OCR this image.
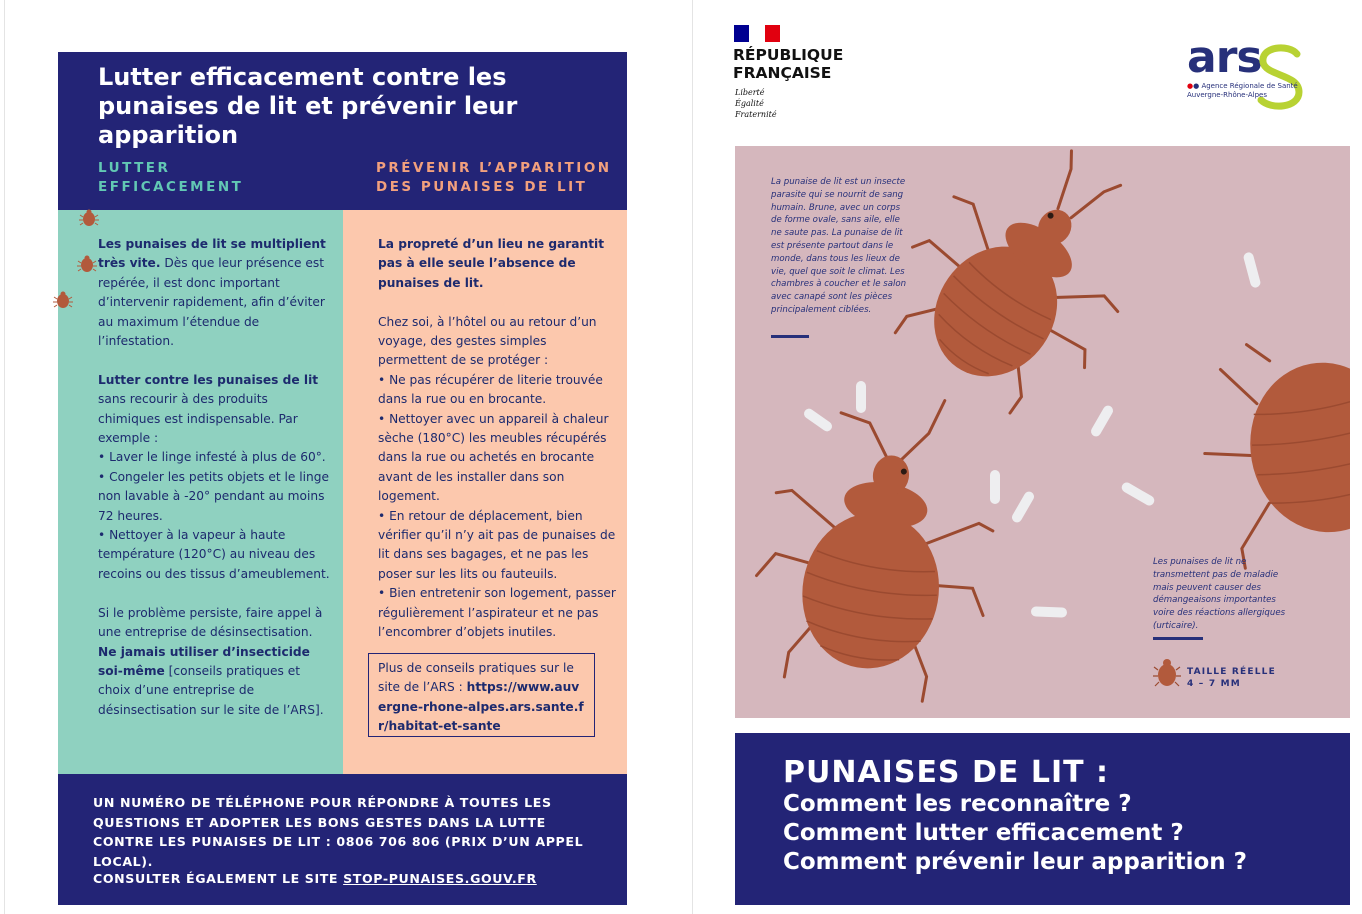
Lutter efficacement contre les punaises de lit et prévenir leur apparition
LUTTER EFFICACEMENT
PRÉVENIR L’APPARITION DES PUNAISES DE LIT

Les punaises de lit se multiplient très vite. Dès que leur présence est repérée, il est donc important d’intervenir rapidement, afin d’éviter au maximum l’étendue de l’infestation.

Lutter contre les punaises de lit sans recourir à des produits chimiques est indispensable. Par exemple :
• Laver le linge infesté à plus de 60°.
• Congeler les petits objets et le linge non lavable à -20° pendant au moins 72 heures.
• Nettoyer à la vapeur à haute température (120°C) au niveau des recoins ou des tissus d’ameublement.

Si le problème persiste, faire appel à une entreprise de désinsectisation. Ne jamais utiliser d’insecticide soi-même [conseils pratiques et choix d’une entreprise de désinsectisation sur le site de l’ARS].

La propreté d’un lieu ne garantit pas à elle seule l’absence de punaises de lit.

Chez soi, à l’hôtel ou au retour d’un voyage, des gestes simples permettent de se protéger :
• Ne pas récupérer de literie trouvée dans la rue ou en brocante.
• Nettoyer avec un appareil à chaleur sèche (180°C) les meubles récupérés dans la rue ou achetés en brocante avant de les installer dans son logement.
• En retour de déplacement, bien vérifier qu’il n’y ait pas de punaises de lit dans ses bagages, et ne pas les poser sur les lits ou fauteuils.
• Bien entretenir son logement, passer régulièrement l’aspirateur et ne pas l’encombrer d’objets inutiles.

Plus de conseils pratiques sur le site de l’ARS : https://www.auvergne-rhone-alpes.ars.sante.fr/habitat-et-sante

UN NUMÉRO DE TÉLÉPHONE POUR RÉPONDRE À TOUTES LES QUESTIONS ET ADOPTER LES BONS GESTES DANS LA LUTTE CONTRE LES PUNAISES DE LIT : 0806 706 806 (PRIX D’UN APPEL LOCAL).

CONSULTER ÉGALEMENT LE SITE STOP-PUNAISES.GOUV.FR

RÉPUBLIQUE FRANÇAISE

Liberté
Égalité
Fraternité

ars

●● Agence Régionale de Santé
Auvergne-Rhône-Alpes

La punaise de lit est un insecte parasite qui se nourrit de sang humain. Brune, avec un corps de forme ovale, sans aile, elle ne saute pas. La punaise de lit est présente partout dans le monde, dans tous les lieux de vie, quel que soit le climat. Les chambres à coucher et le salon avec canapé sont les pièces principalement ciblées.

Les punaises de lit ne transmettent pas de maladie mais peuvent causer des démangeaisons importantes voire des réactions allergiques (urticaire).

TAILLE RÉELLE
4 – 7 MM

PUNAISES DE LIT :

Comment les reconnaître ?

Comment lutter efficacement ?

Comment prévenir leur apparition ?
